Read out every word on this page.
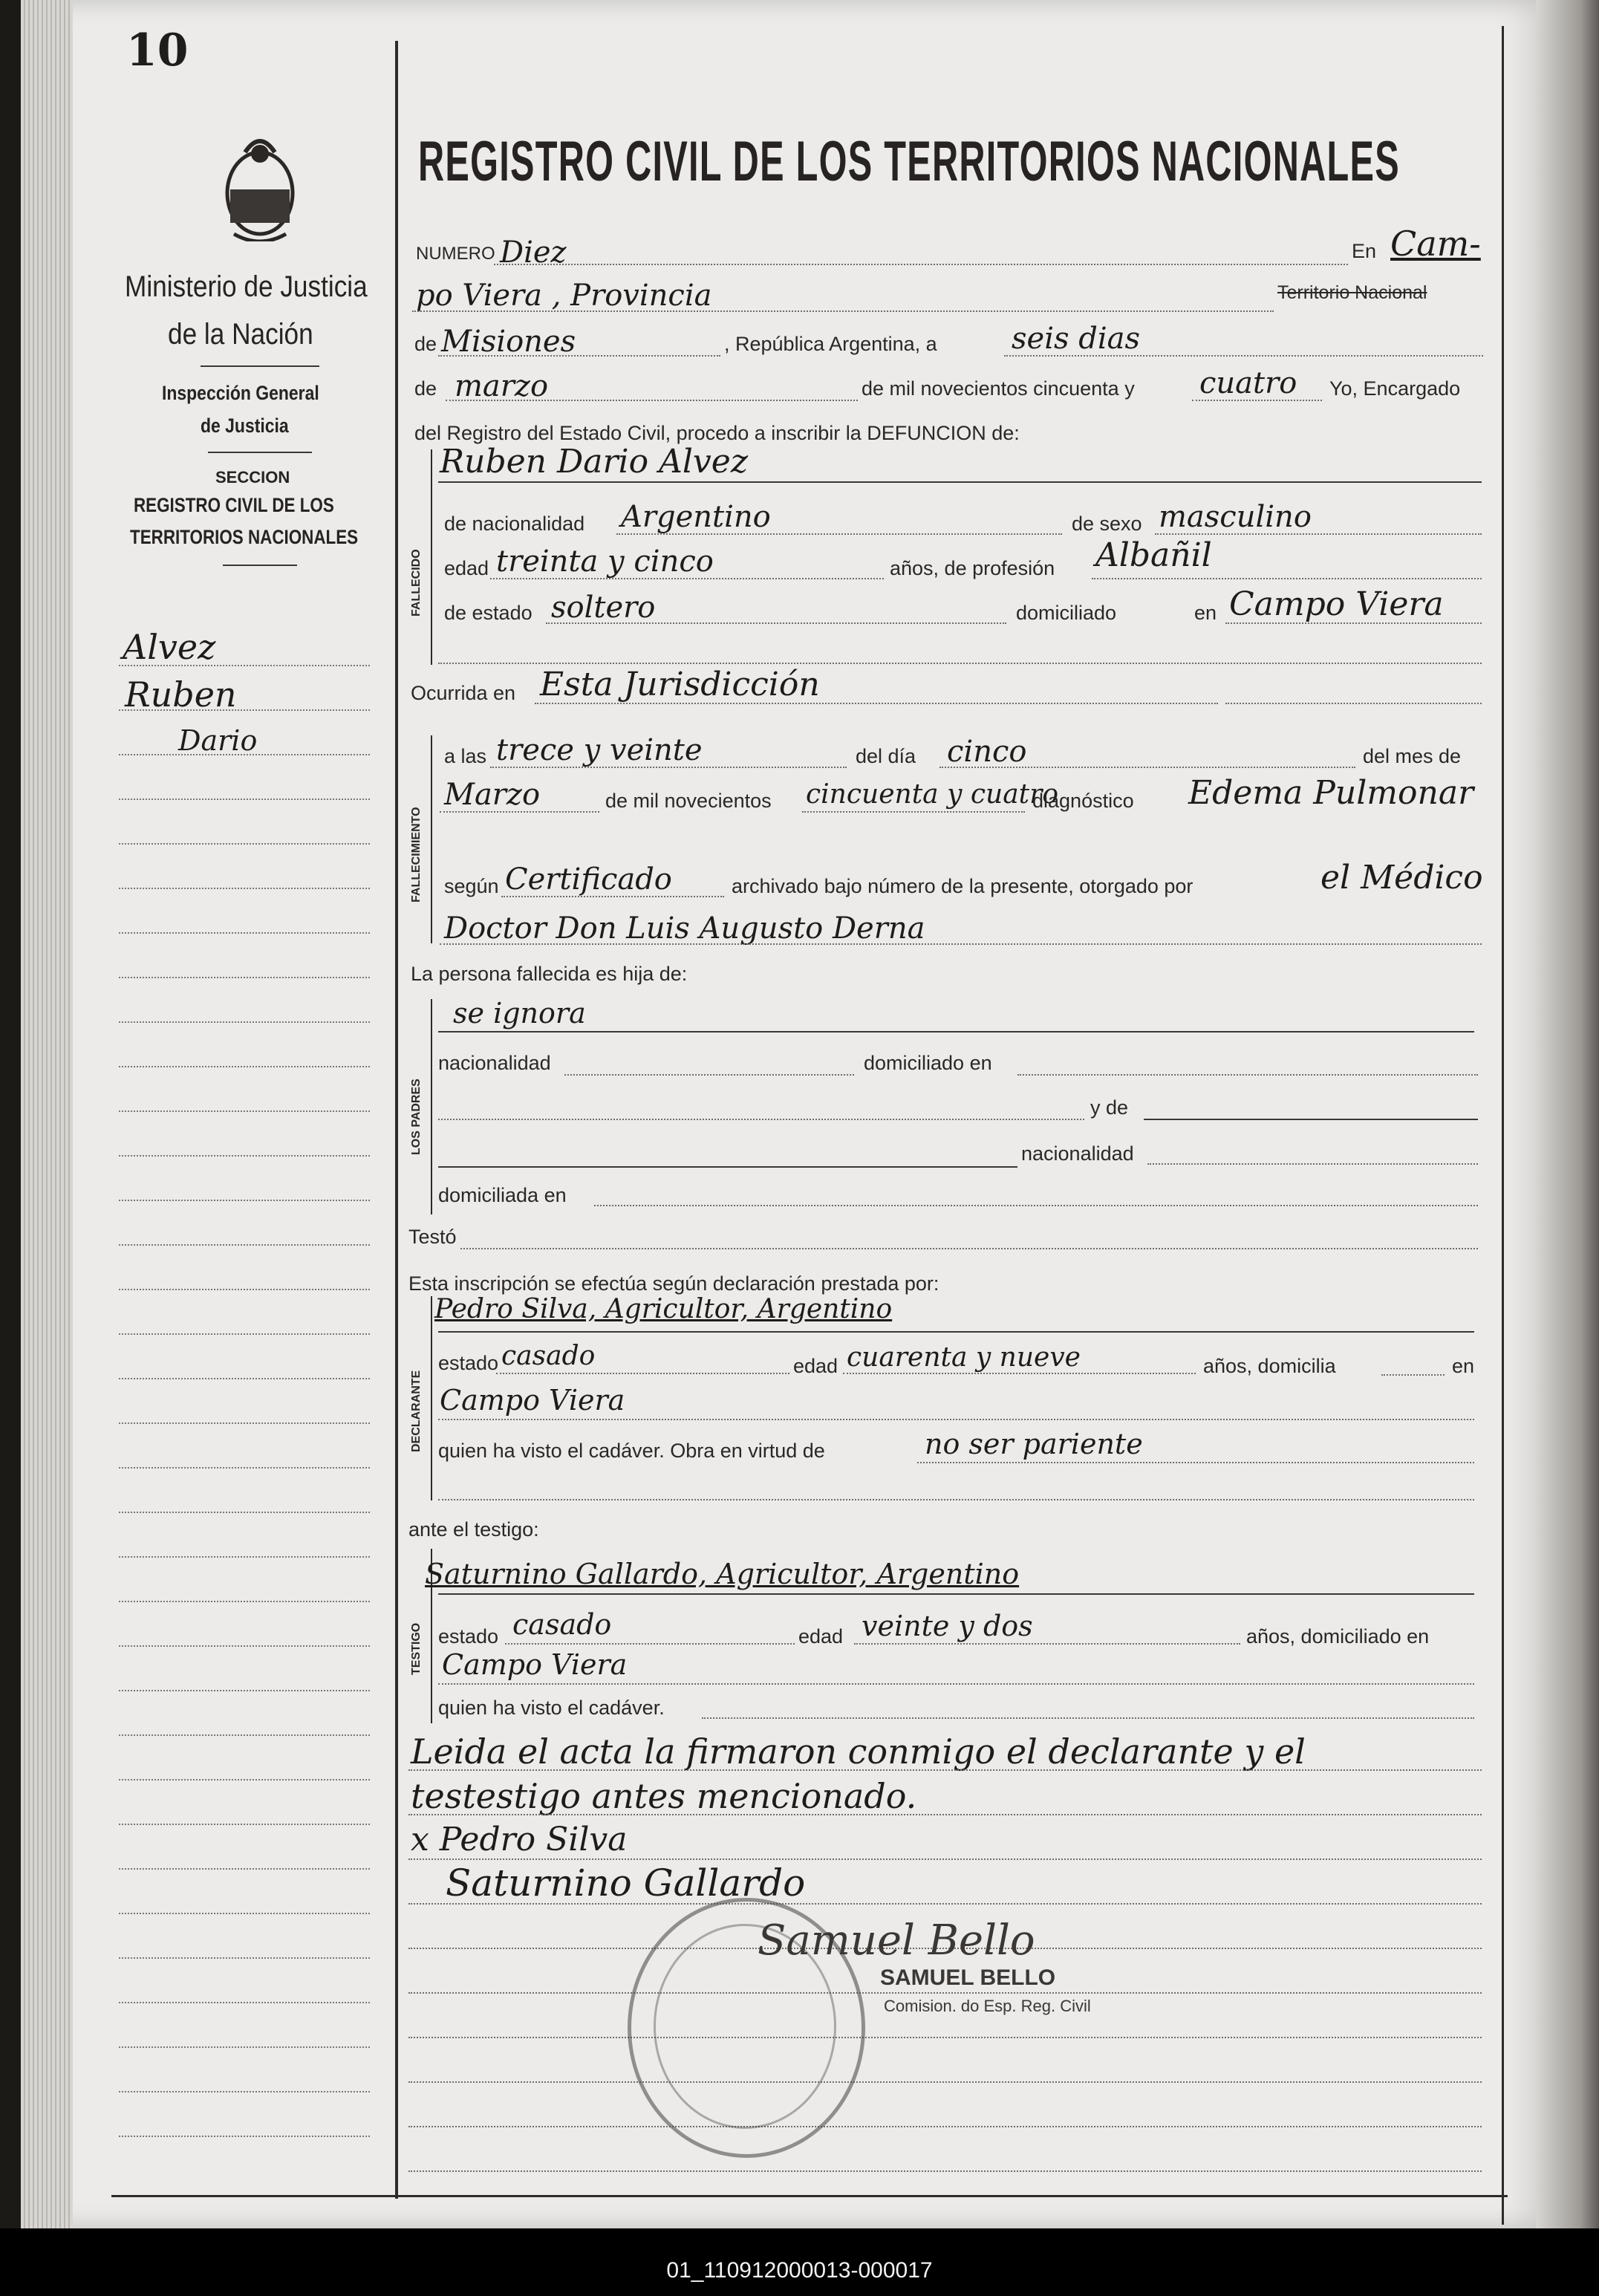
01_110912000013-000017
10
Ministerio de Justicia
de la Nación
Inspección General
de Justicia
SECCION
REGISTRO CIVIL DE LOS
TERRITORIOS NACIONALES
Alvez
Ruben
Dario
REGISTRO CIVIL DE LOS TERRITORIOS NACIONALES
NUMERO Diez	En Cam-
po Viera , Provincia	Territorio Nacional
de Misiones	, República Argentina, a	seis dias
de marzo	de mil novecientos cincuenta y cuatro Yo, Encargado
del Registro del Estado Civil, procedo a inscribir la DEFUNCION de:
FALLECIDO
Ruben Dario Alvez
de nacionalidad Argentino	de sexo masculino
edad treinta y cinco	años, de profesión Albañil
de estado soltero	domiciliado	en Campo Viera
Ocurrida en Esta Jurisdicción
FALLECIMIENTO
a las trece y veinte	del día cinco	del mes de
Marzo	de mil novecientos cincuenta y cuatro
diagnóstico Edema Pulmonar
según Certificado	archivado bajo número de la presente, otorgado por	el Médico
Doctor Don Luis Augusto Derna
La persona fallecida es hija de:
LOS PADRES
se ignora
nacionalidad	domiciliado en
y de
nacionalidad
domiciliada en
Testó
Esta inscripción se efectúa según declaración prestada por:
DECLARANTE
Pedro Silva, Agricultor, Argentino
estado casado	edad cuarenta y nueve	años, domicilia	en
Campo Viera
quien ha visto el cadáver. Obra en virtud de	no ser pariente
ante el testigo:
TESTIGO
Saturnino Gallardo, Agricultor, Argentino
estado casado	edad veinte y dos	años, domiciliado en
Campo Viera
quien ha visto el cadáver.
Leida el acta la firmaron conmigo el declarante y el
testestigo antes mencionado.
x Pedro Silva
Saturnino Gallardo
Samuel Bello
SAMUEL BELLO
Comision. do Esp. Reg. Civil
